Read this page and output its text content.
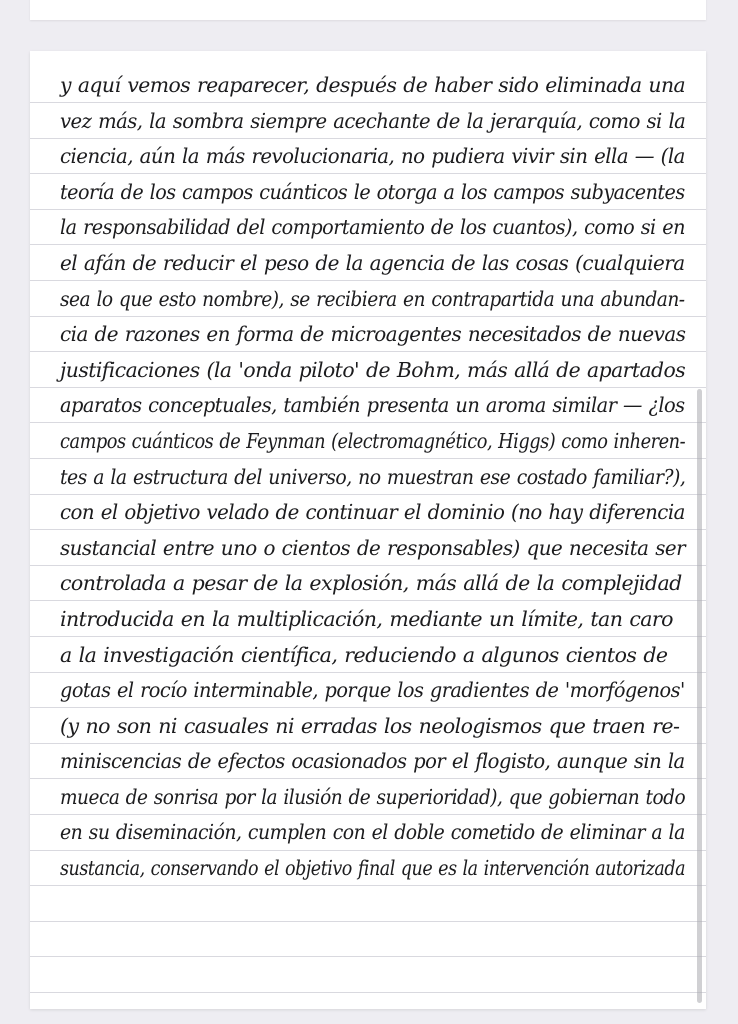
y aquí vemos reaparecer, después de haber sido eliminada una
vez más, la sombra siempre acechante de la jerarquía, como si la
ciencia, aún la más revolucionaria, no pudiera vivir sin ella — (la
teoría de los campos cuánticos le otorga a los campos subyacentes
la responsabilidad del comportamiento de los cuantos), como si en
el afán de reducir el peso de la agencia de las cosas (cualquiera
sea lo que esto nombre), se recibiera en contrapartida una abundan-
cia de razones en forma de microagentes necesitados de nuevas
justificaciones (la 'onda piloto' de Bohm, más allá de apartados
aparatos conceptuales, también presenta un aroma similar — ¿los
campos cuánticos de Feynman (electromagnético, Higgs) como inheren-
tes a la estructura del universo, no muestran ese costado familiar?),
con el objetivo velado de continuar el dominio (no hay diferencia
sustancial entre uno o cientos de responsables) que necesita ser
controlada a pesar de la explosión, más allá de la complejidad
introducida en la multiplicación, mediante un límite, tan caro
a la investigación científica, reduciendo a algunos cientos de
gotas el rocío interminable, porque los gradientes de 'morfógenos'
(y no son ni casuales ni erradas los neologismos que traen re-
miniscencias de efectos ocasionados por el flogisto, aunque sin la
mueca de sonrisa por la ilusión de superioridad), que gobiernan todo
en su diseminación, cumplen con el doble cometido de eliminar a la
sustancia, conservando el objetivo final que es la intervención autorizada
